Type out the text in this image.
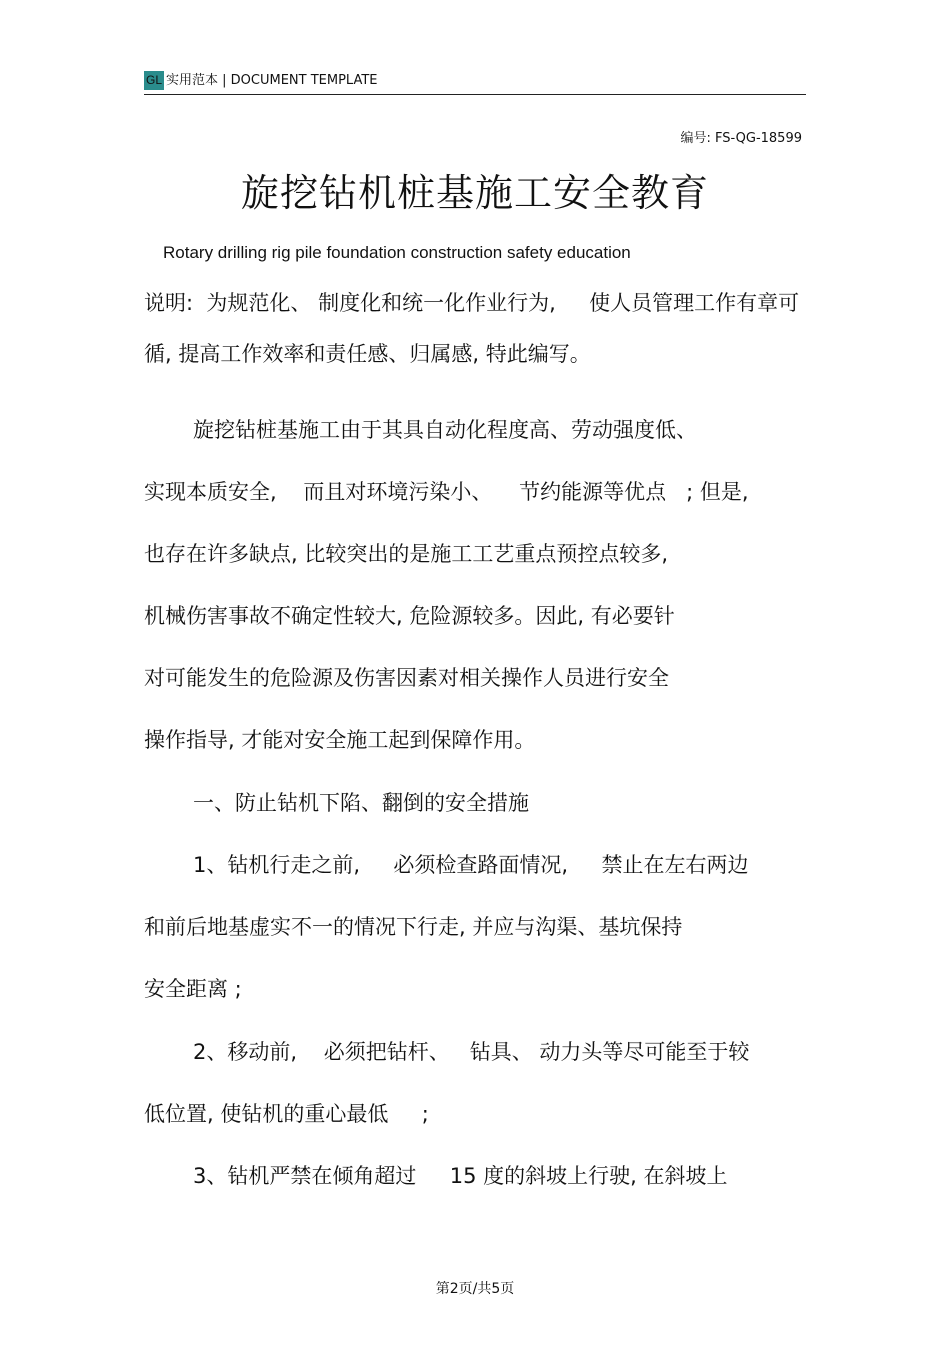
GL 实用范本 | DOCUMENT TEMPLATE
编号: FS-QG-18599
旋挖钻机桩基施工安全教育
Rotary drilling rig pile foundation construction safety education
说明:  为规范化、 制度化和统一化作业行为,     使人员管理工作有章可
循, 提高工作效率和责任感、归属感, 特此编写。
旋挖钻桩基施工由于其具自动化程度高、劳动强度低、
实现本质安全,    而且对环境污染小、    节约能源等优点   ; 但是,
也存在许多缺点, 比较突出的是施工工艺重点预控点较多,
机械伤害事故不确定性较大, 危险源较多。因此, 有必要针
对可能发生的危险源及伤害因素对相关操作人员进行安全
操作指导, 才能对安全施工起到保障作用。
一、防止钻机下陷、翻倒的安全措施
1、钻机行走之前,     必须检查路面情况,     禁止在左右两边
和前后地基虚实不一的情况下行走, 并应与沟渠、基坑保持
安全距离 ;
2、移动前,    必须把钻杆、   钻具、 动力头等尽可能至于较
低位置, 使钻机的重心最低     ;
3、钻机严禁在倾角超过     15 度的斜坡上行驶, 在斜坡上
第2页/共5页
